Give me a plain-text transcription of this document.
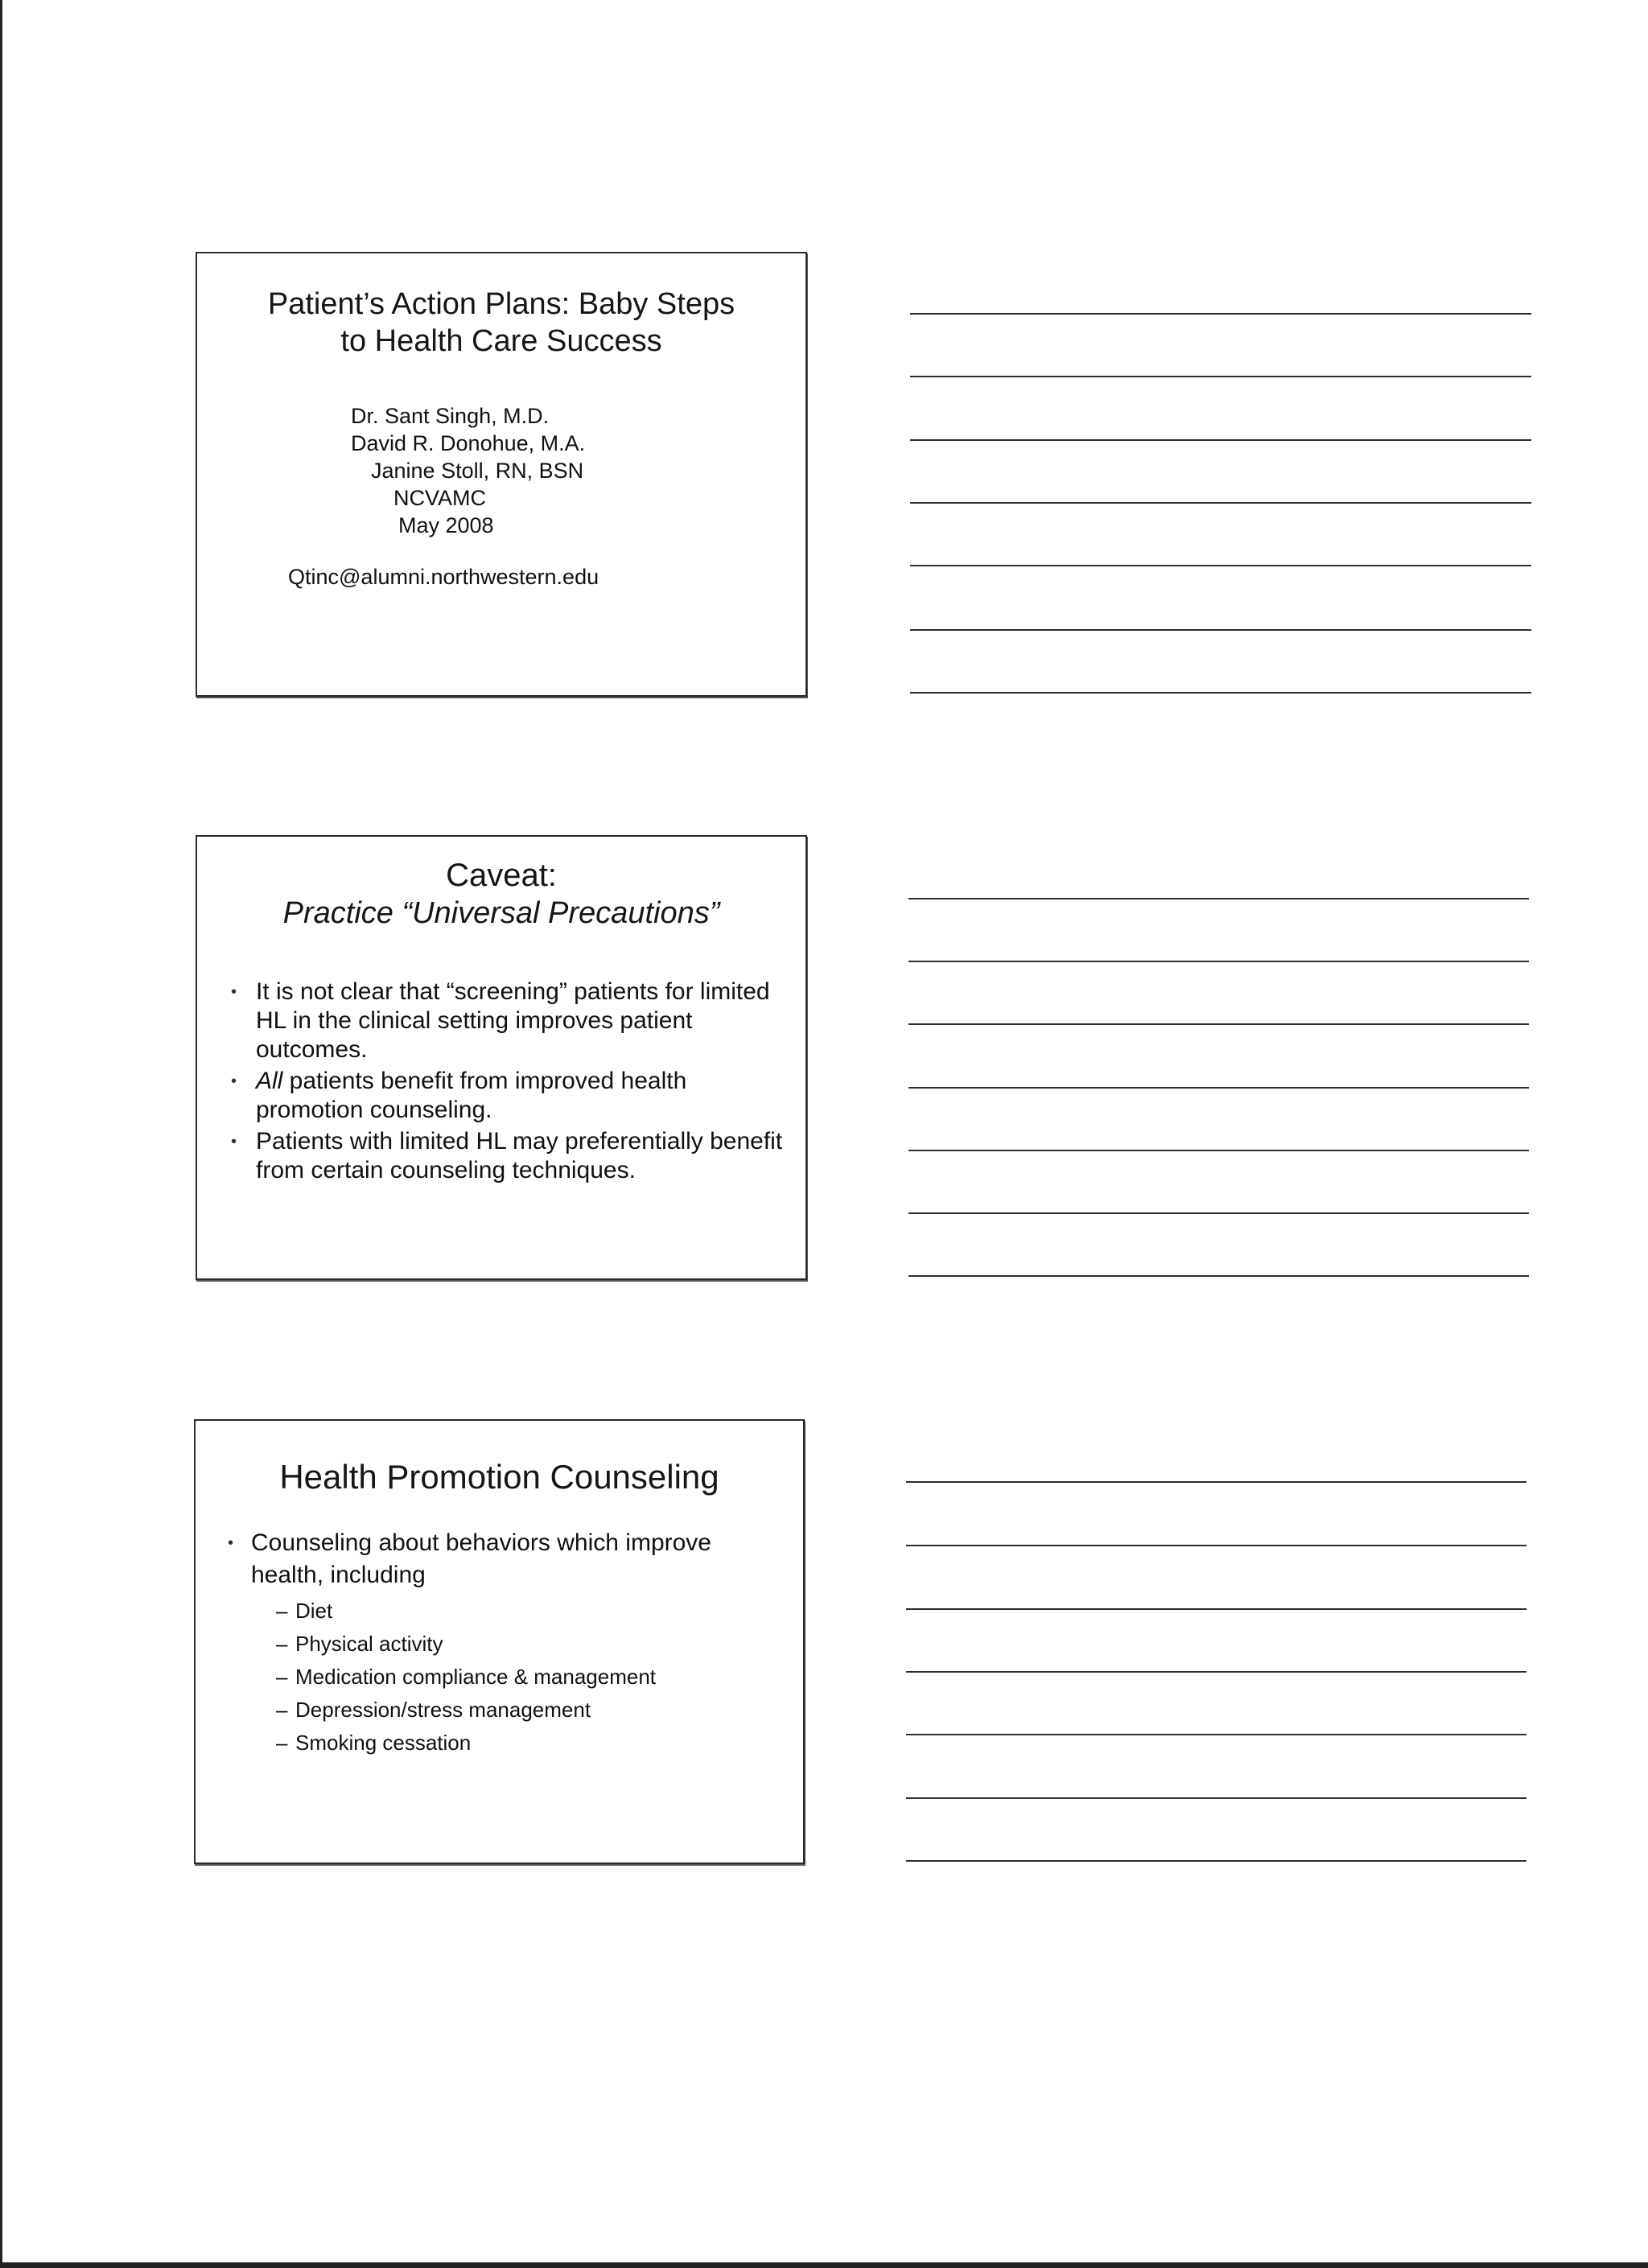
Patient’s Action Plans: Baby Steps
to Health Care Success
Dr. Sant Singh, M.D.
David R. Donohue, M.A.
Janine Stoll, RN, BSN
NCVAMC
May 2008
Qtinc@alumni.northwestern.edu
Caveat:
Practice “Universal Precautions”
• It is not clear that “screening” patients for limited HL in the clinical setting improves patient outcomes.
• All patients benefit from improved health promotion counseling.
• Patients with limited HL may preferentially benefit from certain counseling techniques.
Health Promotion Counseling
• Counseling about behaviors which improve health, including
– Diet
– Physical activity
– Medication compliance & management
– Depression/stress management
– Smoking cessation
